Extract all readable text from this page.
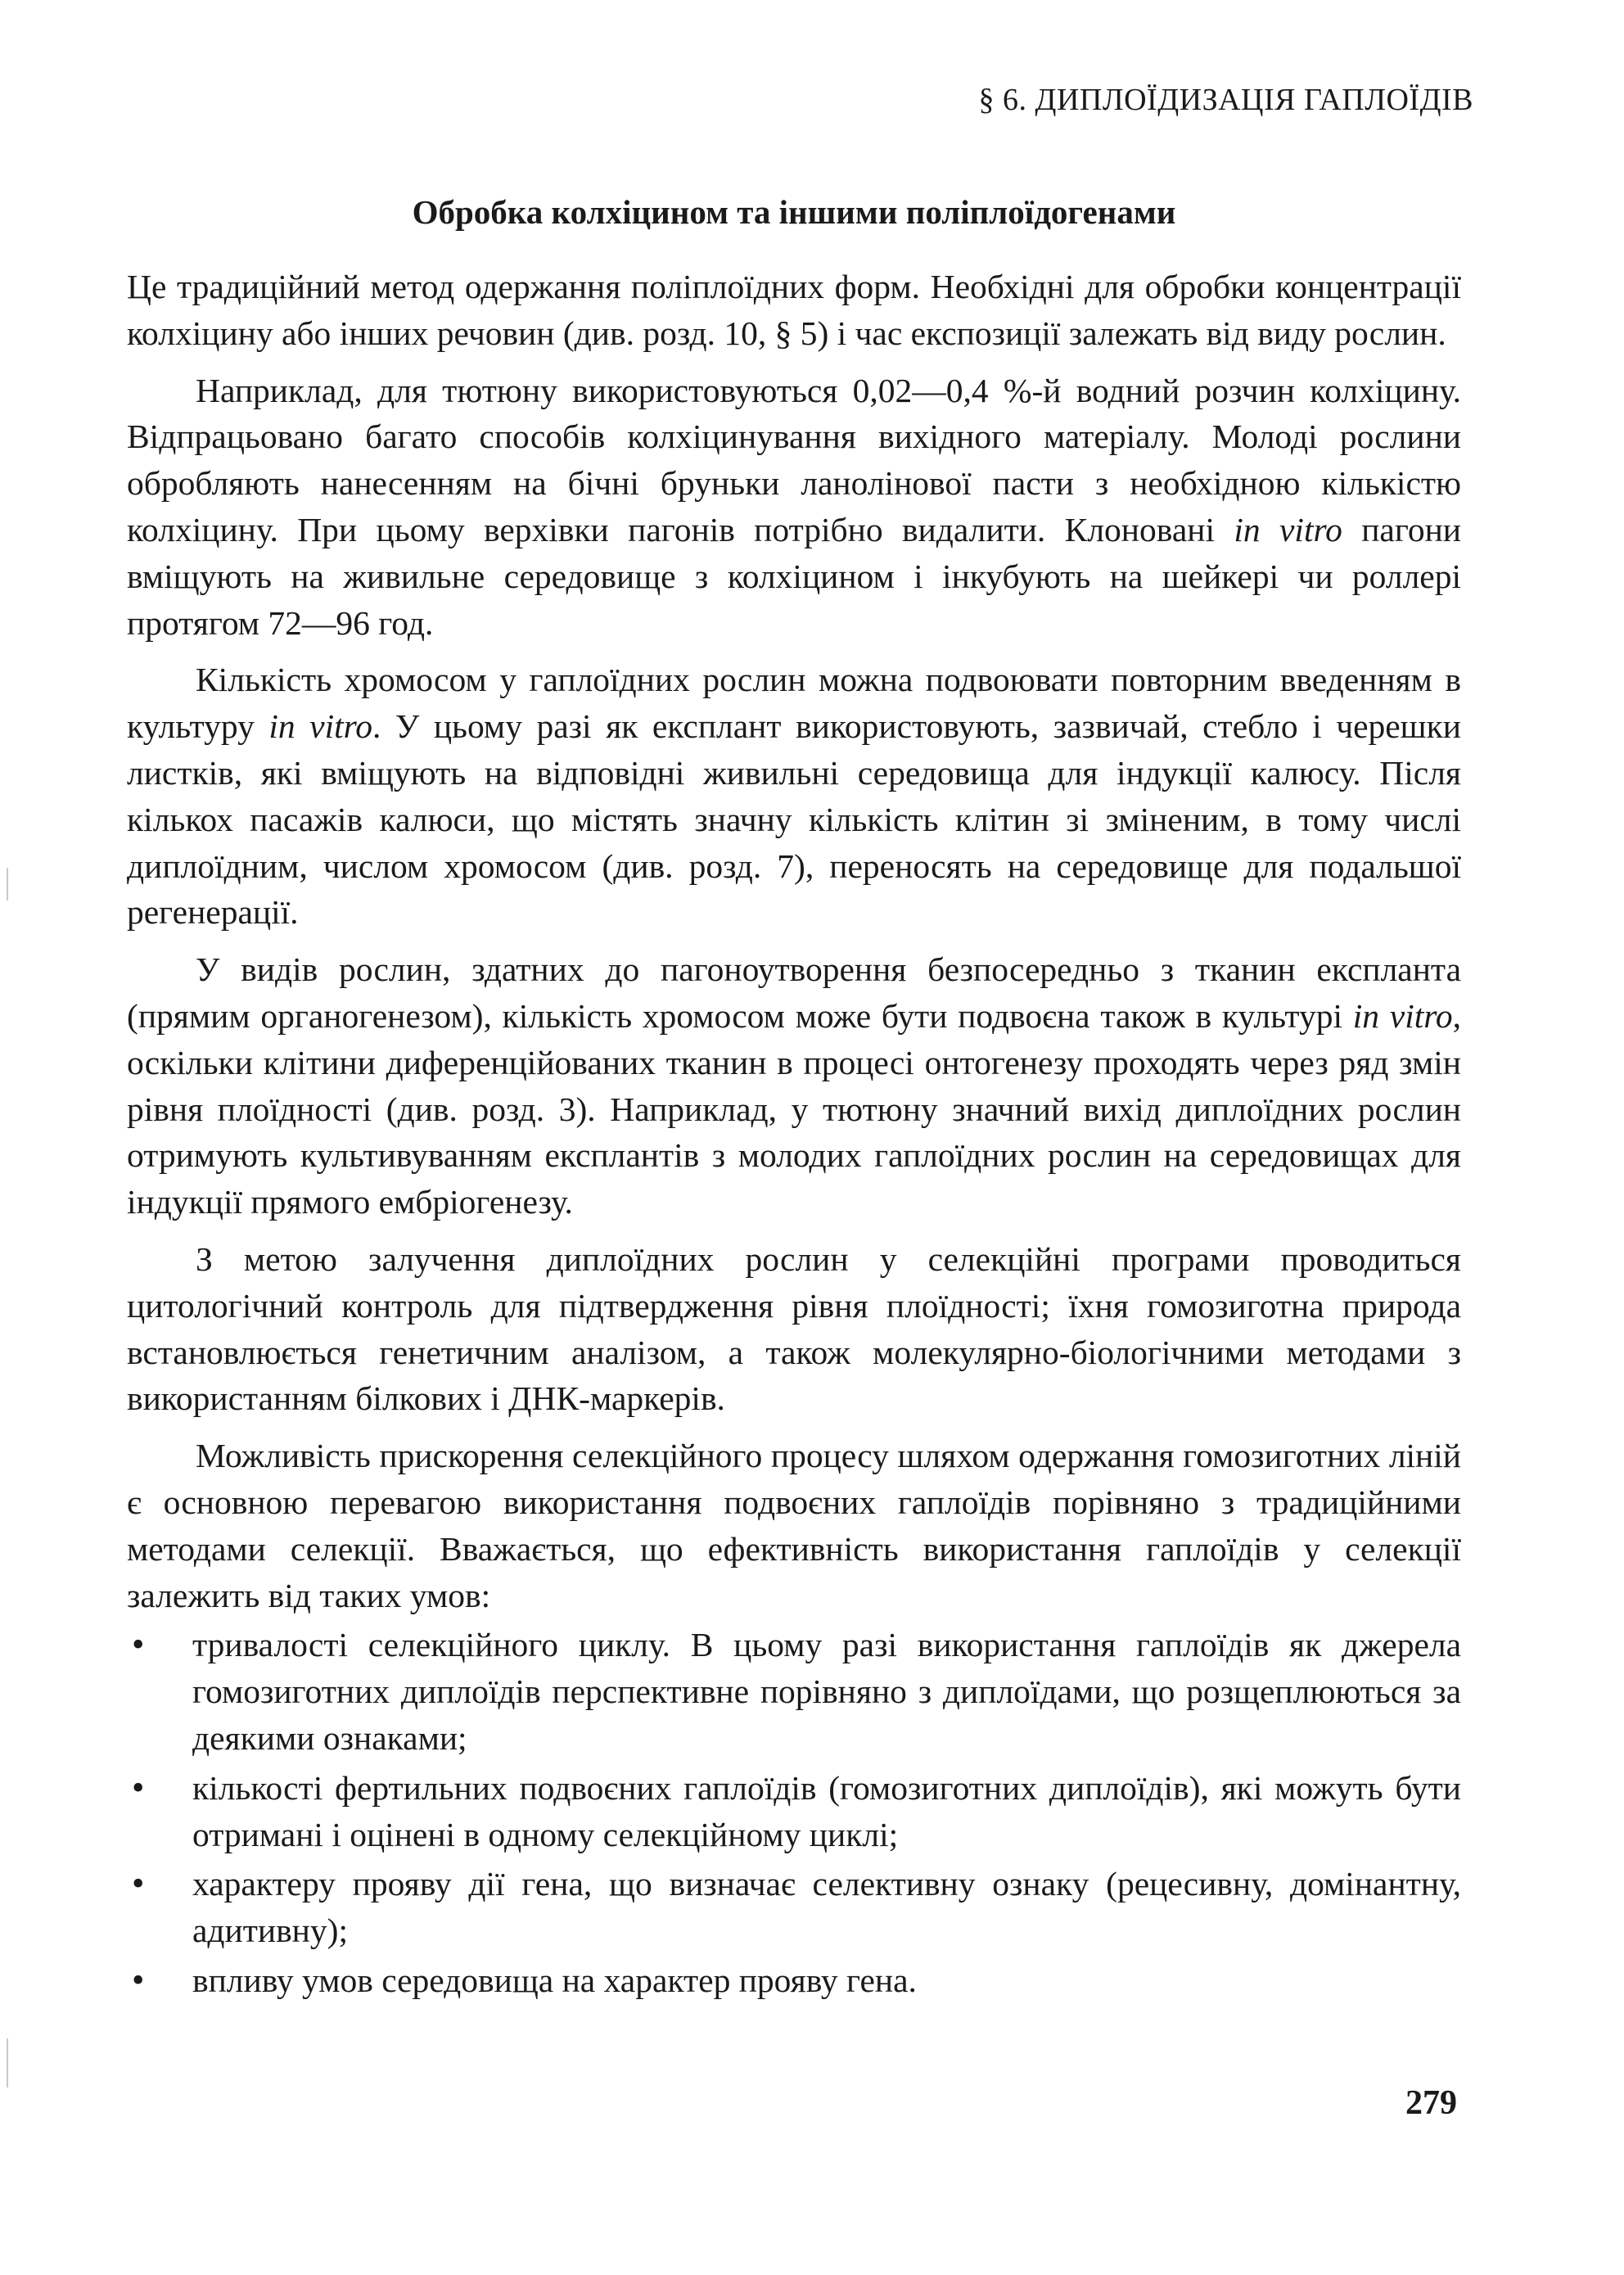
§ 6. ДИПЛОЇДИЗАЦІЯ ГАПЛОЇДІВ
Обробка колхіцином та іншими поліплоїдогенами

Це традиційний метод одержання поліплоїдних форм. Необхідні для обробки концентрації колхіцину або інших речовин (див. розд. 10, § 5) і час експозиції залежать від виду рослин.

Наприклад, для тютюну використовуються 0,02—0,4 %-й водний розчин колхіцину. Відпрацьовано багато способів колхіцинування вихідного матеріалу. Молоді рослини обробляють нанесенням на бічні бруньки ланолінової пасти з необхідною кількістю колхіцину. При цьому верхівки пагонів потрібно видалити. Клоновані in vitro пагони вміщують на живильне середовище з колхіцином і інкубують на шейкері чи роллері протягом 72—96 год.

Кількість хромосом у гаплоїдних рослин можна подвоювати повторним введенням в культуру in vitro. У цьому разі як експлант використовують, зазвичай, стебло і черешки листків, які вміщують на відповідні живильні середовища для індукції калюсу. Після кількох пасажів калюси, що містять значну кількість клітин зі зміненим, в тому числі диплоїдним, числом хромосом (див. розд. 7), переносять на середовище для подальшої регенерації.

У видів рослин, здатних до пагоноутворення безпосередньо з тканин експланта (прямим органогенезом), кількість хромосом може бути подвоєна також в культурі in vitro, оскільки клітини диференційованих тканин в процесі онтогенезу проходять через ряд змін рівня плоїдності (див. розд. 3). Наприклад, у тютюну значний вихід диплоїдних рослин отримують культивуванням експлантів з молодих гаплоїдних рослин на середовищах для індукції прямого ембріогенезу.

З метою залучення диплоїдних рослин у селекційні програми проводиться цитологічний контроль для підтвердження рівня плоїдності; їхня гомозиготна природа встановлюється генетичним аналізом, а також молекулярно-біологічними методами з використанням білкових і ДНК-маркерів.

Можливість прискорення селекційного процесу шляхом одержання гомозиготних ліній є основною перевагою використання подвоєних гаплоїдів порівняно з традиційними методами селекції. Вважається, що ефективність використання гаплоїдів у селекції залежить від таких умов:

• тривалості селекційного циклу. В цьому разі використання гаплоїдів як джерела гомозиготних диплоїдів перспективне порівняно з диплоїдами, що розщеплюються за деякими ознаками;
• кількості фертильних подвоєних гаплоїдів (гомозиготних диплоїдів), які можуть бути отримані і оцінені в одному селекційному циклі;
• характеру прояву дії гена, що визначає селективну ознаку (рецесивну, домінантну, адитивну);
• впливу умов середовища на характер прояву гена.
279
